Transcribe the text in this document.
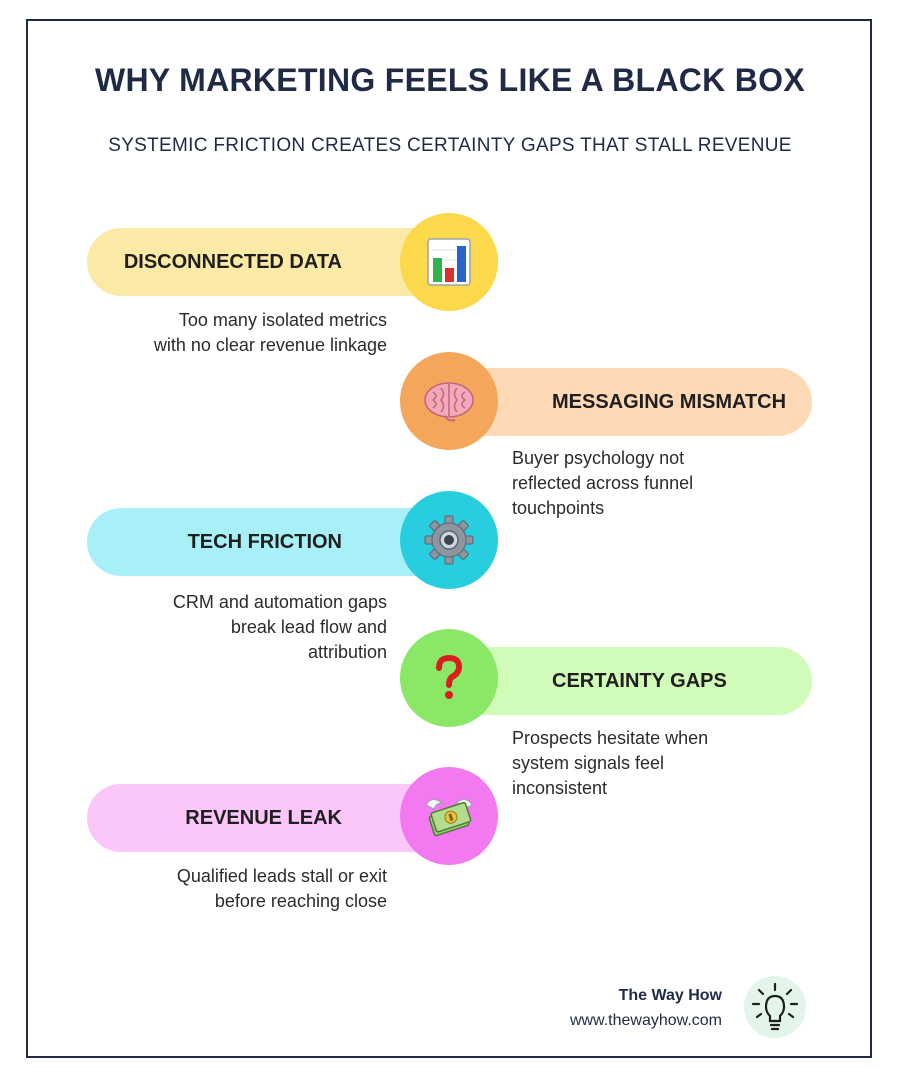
WHY MARKETING FEELS LIKE A BLACK BOX

SYSTEMIC FRICTION CREATES CERTAINTY GAPS THAT STALL REVENUE

DISCONNECTED DATA

Too many isolated metrics
with no clear revenue linkage

MESSAGING MISMATCH

Buyer psychology not
reflected across funnel
touchpoints

TECH FRICTION

CRM and automation gaps
break lead flow and
attribution

CERTAINTY GAPS

Prospects hesitate when
system signals feel
inconsistent

REVENUE LEAK

Qualified leads stall or exit
before reaching close

The Way How
www.thewayhow.com
